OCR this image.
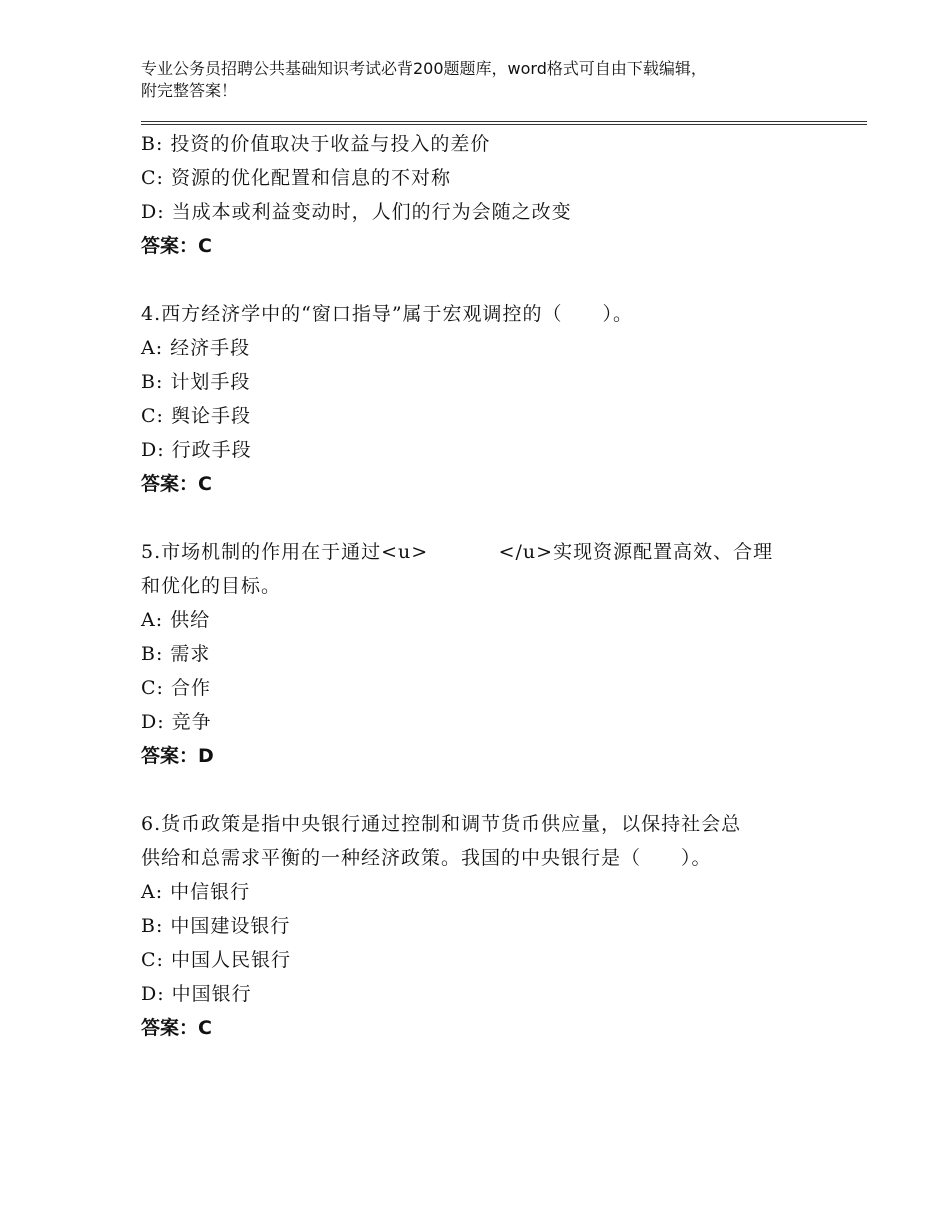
专业公务员招聘公共基础知识考试必背200题题库，word格式可自由下载编辑，
附完整答案！
B: 投资的价值取决于收益与投入的差价
C: 资源的优化配置和信息的不对称
D: 当成本或利益变动时，人们的行为会随之改变
答案：C
4.西方经济学中的“窗口指导”属于宏观调控的（　　）。
A: 经济手段
B: 计划手段
C: 舆论手段
D: 行政手段
答案：C
5.市场机制的作用在于通过<u>          </u>实现资源配置高效、合理
和优化的目标。
A: 供给
B: 需求
C: 合作
D: 竞争
答案：D
6.货币政策是指中央银行通过控制和调节货币供应量，以保持社会总
供给和总需求平衡的一种经济政策。我国的中央银行是（　　）。
A: 中信银行
B: 中国建设银行
C: 中国人民银行
D: 中国银行
答案：C
